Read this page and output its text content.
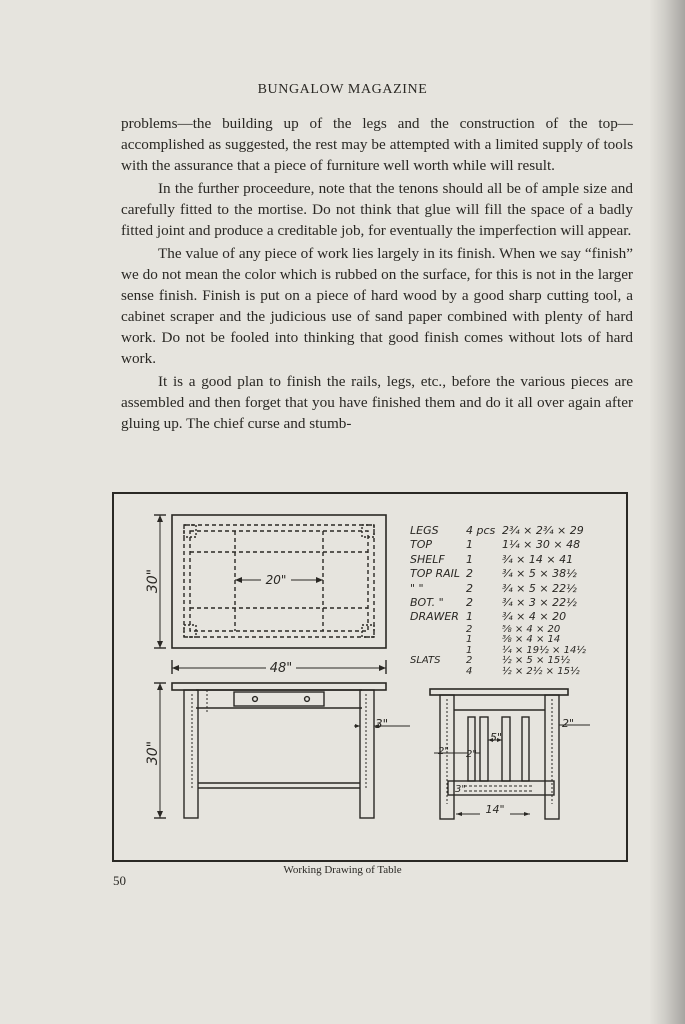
BUNGALOW MAGAZINE

problems—the building up of the legs and the construction of the top—accomplished as suggested, the rest may be attempted with a limited supply of tools with the assurance that a piece of furniture well worth while will result.

In the further proceedure, note that the tenons should all be of ample size and carefully fitted to the mortise. Do not think that glue will fill the space of a badly fitted joint and produce a creditable job, for eventually the imperfection will appear.

The value of any piece of work lies largely in its finish. When we say “finish” we do not mean the color which is rubbed on the surface, for this is not in the larger sense finish. Finish is put on a piece of hard wood by a good sharp cutting tool, a cabinet scraper and the judicious use of sand paper combined with plenty of hard work. Do not be fooled into thinking that good finish comes without lots of hard work.

It is a good plan to finish the rails, legs, etc., before the various pieces are assembled and then forget that you have finished them and do it all over again after gluing up. The chief curse and stumb-

30"	20"
48"
30"
3"	2"
5"
2" 2"
3"
14"
LEGS	4 pcs 2¾ × 2¾ × 29
TOP	1	1¼ × 30 × 48
SHELF	1	¾ × 14 × 41
TOP RAIL 2	¾ × 5 × 38½
" "	2	¾ × 5 × 22½
BOT. "	2	¾ × 3 × 22½
DRAWER 1	¾ × 4 × 20
2	⅝ × 4 × 20
1	⅜ × 4 × 14
1	¼ × 19½ × 14½
SLATS	2	½ × 5 × 15½
4	½ × 2½ × 15½
Working Drawing of Table
50
